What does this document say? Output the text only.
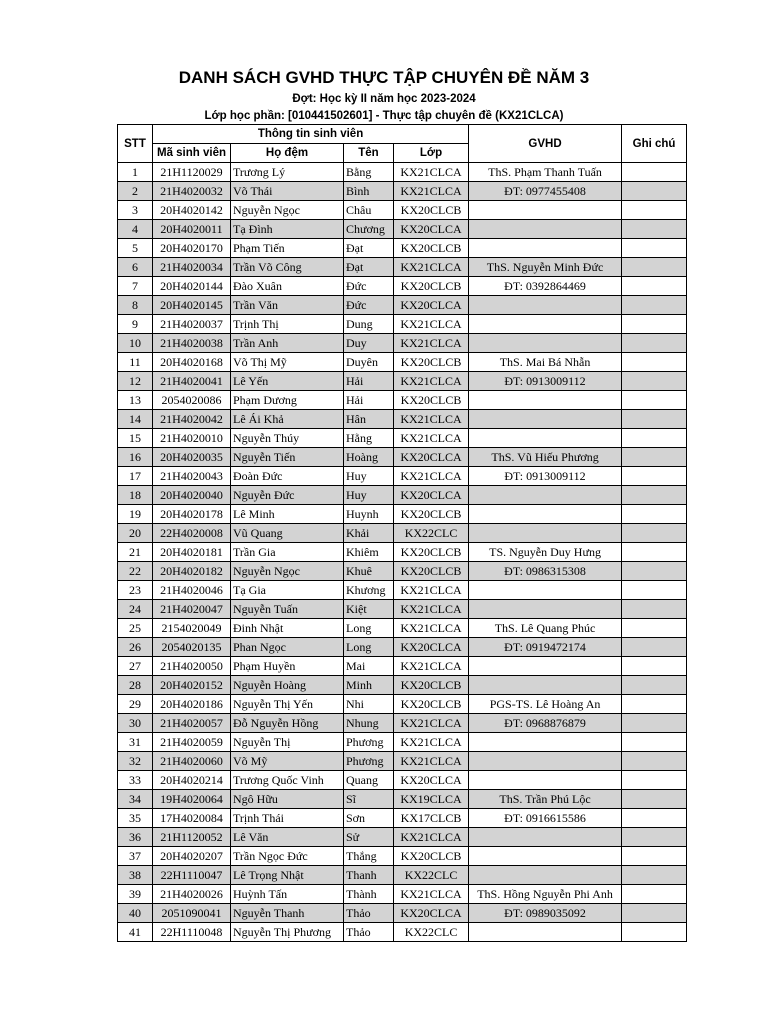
DANH SÁCH GVHD THỰC TẬP CHUYÊN ĐỀ NĂM 3
Đợt: Học kỳ II năm học 2023-2024
Lớp học phần: [010441502601] - Thực tập chuyên đề (KX21CLCA)
STT	Thông tin sinh viên				GVHD	Ghi chú
	Mã sinh viên	Họ đệm	Tên	Lớp		
1	21H1120029	Trương Lý	Bằng	KX21CLCA	ThS. Phạm Thanh Tuấn	
2	21H4020032	Võ Thái	Bình	KX21CLCA	ĐT: 0977455408	
3	20H4020142	Nguyễn Ngọc	Châu	KX20CLCB		
4	20H4020011	Tạ Đình	Chương	KX20CLCA		
5	20H4020170	Phạm Tiến	Đạt	KX20CLCB		
6	21H4020034	Trần Võ Công	Đạt	KX21CLCA	ThS. Nguyễn Minh Đức	
7	20H4020144	Đào Xuân	Đức	KX20CLCB	ĐT: 0392864469	
8	20H4020145	Trần Văn	Đức	KX20CLCA		
9	21H4020037	Trịnh Thị	Dung	KX21CLCA		
10	21H4020038	Trần Anh	Duy	KX21CLCA		
11	20H4020168	Võ Thị Mỹ	Duyên	KX20CLCB	ThS. Mai Bá Nhẫn	
12	21H4020041	Lê Yến	Hải	KX21CLCA	ĐT: 0913009112	
13	2054020086	Phạm Dương	Hải	KX20CLCB		
14	21H4020042	Lê Ái Khả	Hân	KX21CLCA		
15	21H4020010	Nguyễn Thúy	Hằng	KX21CLCA		
16	20H4020035	Nguyễn Tiến	Hoàng	KX20CLCA	ThS. Vũ Hiếu Phương	
17	21H4020043	Đoàn Đức	Huy	KX21CLCA	ĐT: 0913009112	
18	20H4020040	Nguyễn Đức	Huy	KX20CLCA		
19	20H4020178	Lê Minh	Huynh	KX20CLCB		
20	22H4020008	Vũ Quang	Khải	KX22CLC		
21	20H4020181	Trần Gia	Khiêm	KX20CLCB	TS. Nguyễn Duy Hưng	
22	20H4020182	Nguyễn Ngọc	Khuê	KX20CLCB	ĐT: 0986315308	
23	21H4020046	Tạ Gia	Khương	KX21CLCA		
24	21H4020047	Nguyễn Tuấn	Kiệt	KX21CLCA		
25	2154020049	Đinh Nhật	Long	KX21CLCA	ThS. Lê Quang Phúc	
26	2054020135	Phan Ngọc	Long	KX20CLCA	ĐT: 0919472174	
27	21H4020050	Phạm Huyền	Mai	KX21CLCA		
28	20H4020152	Nguyễn Hoàng	Minh	KX20CLCB		
29	20H4020186	Nguyễn Thị Yến	Nhi	KX20CLCB	PGS-TS. Lê Hoàng An	
30	21H4020057	Đỗ Nguyễn Hồng	Nhung	KX21CLCA	ĐT: 0968876879	
31	21H4020059	Nguyễn Thị	Phương	KX21CLCA		
32	21H4020060	Võ Mỹ	Phương	KX21CLCA		
33	20H4020214	Trương Quốc Vinh	Quang	KX20CLCA		
34	19H4020064	Ngô Hữu	Sĩ	KX19CLCA	ThS. Trần Phú Lộc	
35	17H4020084	Trịnh Thái	Sơn	KX17CLCB	ĐT: 0916615586	
36	21H1120052	Lê Văn	Sử	KX21CLCA		
37	20H4020207	Trần Ngọc Đức	Thắng	KX20CLCB		
38	22H1110047	Lê Trọng Nhật	Thanh	KX22CLC		
39	21H4020026	Huỳnh Tấn	Thành	KX21CLCA	ThS. Hồng Nguyễn Phi Anh	
40	2051090041	Nguyễn Thanh	Thảo	KX20CLCA	ĐT: 0989035092	
41	22H1110048	Nguyễn Thị Phương	Thảo	KX22CLC		
